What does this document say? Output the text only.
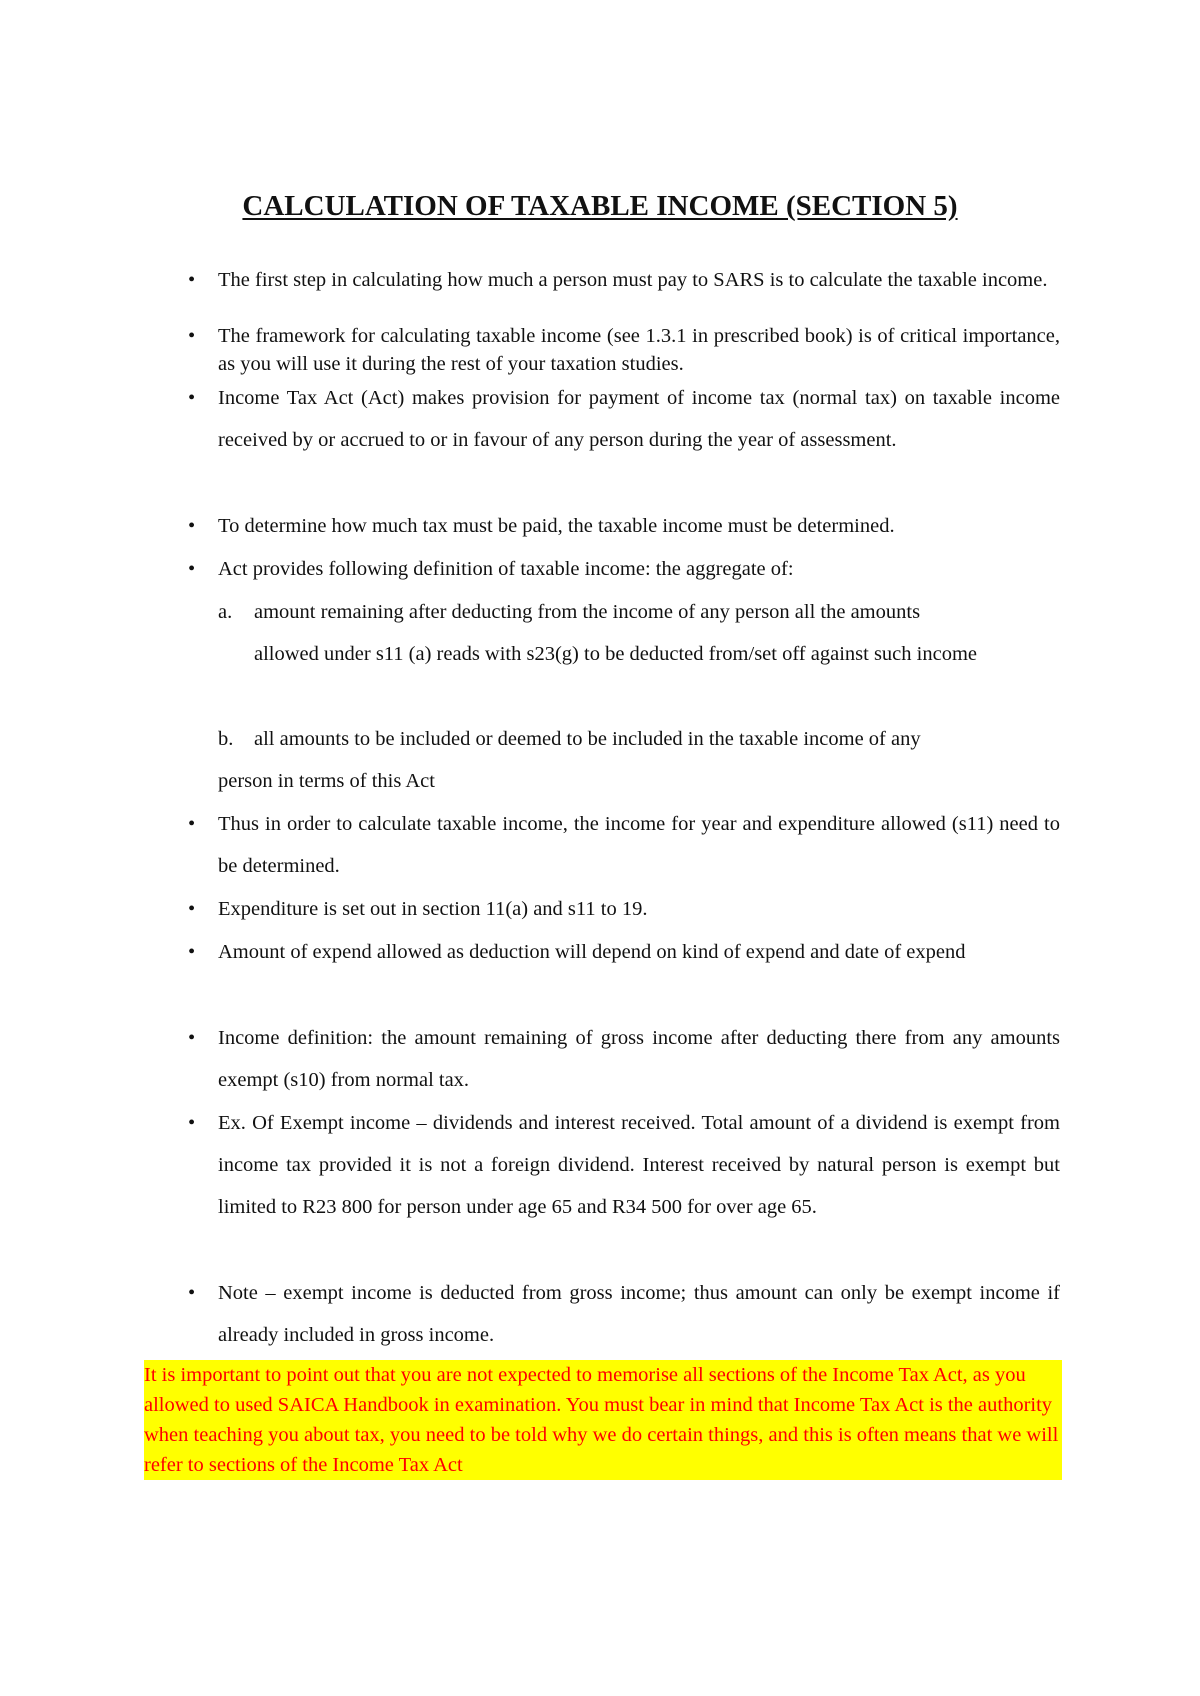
CALCULATION OF TAXABLE INCOME (SECTION 5)
• The first step in calculating how much a person must pay to SARS is to calculate the taxable income.
• The framework for calculating taxable income (see 1.3.1 in prescribed book) is of critical importance, as you will use it during the rest of your taxation studies.
• Income Tax Act (Act) makes provision for payment of income tax (normal tax) on taxable income received by or accrued to or in favour of any person during the year of assessment.
• To determine how much tax must be paid, the taxable income must be determined.
• Act provides following definition of taxable income: the aggregate of:
a. amount remaining after deducting from the income of any person all the amounts
allowed under s11 (a) reads with s23(g) to be deducted from/set off against such income
b. all amounts to be included or deemed to be included in the taxable income of any
person in terms of this Act
• Thus in order to calculate taxable income, the income for year and expenditure allowed (s11) need to be determined.
• Expenditure is set out in section 11(a) and s11 to 19.
• Amount of expend allowed as deduction will depend on kind of expend and date of expend
• Income definition: the amount remaining of gross income after deducting there from any amounts exempt (s10) from normal tax.
• Ex. Of Exempt income – dividends and interest received. Total amount of a dividend is exempt from income tax provided it is not a foreign dividend. Interest received by natural person is exempt but limited to R23 800 for person under age 65 and R34 500 for over age 65.
• Note – exempt income is deducted from gross income; thus amount can only be exempt income if already included in gross income.

It is important to point out that you are not expected to memorise all sections of the Income Tax Act, as you allowed to used SAICA Handbook in examination. You must bear in mind that Income Tax Act is the authority when teaching you about tax, you need to be told why we do certain things, and this is often means that we will refer to sections of the Income Tax Act
